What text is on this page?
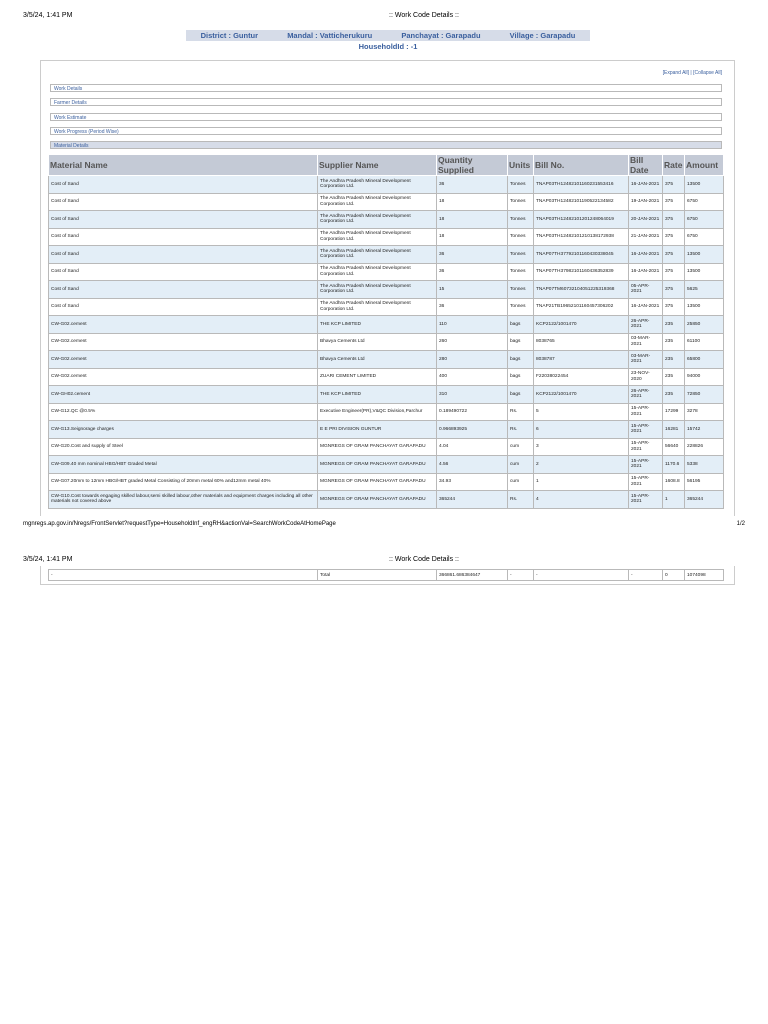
3/5/24, 1:41 PM	:: Work Code Details ::
District : Guntur	Mandal : Vatticherukuru	Panchayat : Garapadu	Village : Garapadu
HouseholdId : -1
[Expand All] | [Collapse All]
Work Details
Farmer Details
Work Estimate
Work Progress (Period Wise)
Material Details
Material Name	Supplier Name	Quantity Supplied	Units	Bill No.	Bill Date	Rate	Amount
Cost of Sand	The Andhra Pradesh Mineral Development Corporation Ltd.	36	Tonnes	TNAP03TH12482101160231553416	16-JAN-2021	375	13500
Cost of Sand	The Andhra Pradesh Mineral Development Corporation Ltd.	18	Tonnes	TNAP03TH12482101190522134582	19-JAN-2021	375	6750
Cost of Sand	The Andhra Pradesh Mineral Development Corporation Ltd.	18	Tonnes	TNAP03TH12482101201248064019	20-JAN-2021	375	6750
Cost of Sand	The Andhra Pradesh Mineral Development Corporation Ltd.	18	Tonnes	TNAP03TH12482101210138172938	21-JAN-2021	375	6750
Cost of Sand	The Andhra Pradesh Mineral Development Corporation Ltd.	36	Tonnes	TNAP07TH37792101160430338045	16-JAN-2021	375	13500
Cost of Sand	The Andhra Pradesh Mineral Development Corporation Ltd.	36	Tonnes	TNAP07TH37982101160436352839	16-JAN-2021	375	13500
Cost of Sand	The Andhra Pradesh Mineral Development Corporation Ltd.	15	Tonnes	TNAP07TM60732104051225319368	05-APR-2021	375	5625
Cost of Sand	The Andhra Pradesh Mineral Development Corporation Ltd.	36	Tonnes	TNAP21TB19652101160457306202	16-JAN-2021	375	13500
CW-G02.cement	THE KCP LIMITED	110	bags	KCP2122/1001470	26-APR-2021	235	25850
CW-G02.cement	Bhavya Cements Ltd	260	bags	8038765	03-MAR-2021	235	61100
CW-G02.cement	Bhavya Cements Ltd	280	bags	8038787	03-MAR-2021	235	65800
CW-G02.cement	ZUARI CEMENT LIMITED	400	bags	F22038022454	23-NOV-2020	235	94000
CW-GH02.cement	THE KCP LIMITED	310	bags	KCP2122/1001470	26-APR-2021	235	72850
CW-G12.QC @0.5%	Executive Engineer(PR),V&QC Division,Parchur	0.189490722	Rs.	5	15-APR-2021	17299	3278
CW-G13.Seignorage charges	E E PRI DIVISION GUNTUR	0.966893925	Rs.	6	15-APR-2021	16281	15742
CW-G20.Cost and supply of Steel	MGNREGS OF GRAM PANCHAYAT GARAPADU	4.04	cum	3	15-APR-2021	56640	228826
CW-G09.40 mm nominal HBG/HBT Graded Metal	MGNREGS OF GRAM PANCHAYAT GARAPADU	4.56	cum	2	15-APR-2021	1170.6	5338
CW-G07.20mm to 12mm HBG/HBT graded Metal Consisting of 20mm metal 60% and12mm metal 40%	MGNREGS OF GRAM PANCHAYAT GARAPADU	34.93	cum	1	15-APR-2021	1608.8	56195
CW-G10.Cost towards engaging skilled labour,semi skilled labour,other materials and equipment charges including all other materials not covered above	MGNREGS OF GRAM PANCHAYAT GARAPADU	365244	Rs.	4	15-APR-2021	1	365244
mgnregs.ap.gov.in/Nregs/FrontServlet?requestType=HouseholdInf_engRH&actionVal=SearchWorkCodeAtHomePage	1/2
3/5/24, 1:41 PM	:: Work Code Details ::
-	Total	366861.686384647	-	-	-	0	1074098
